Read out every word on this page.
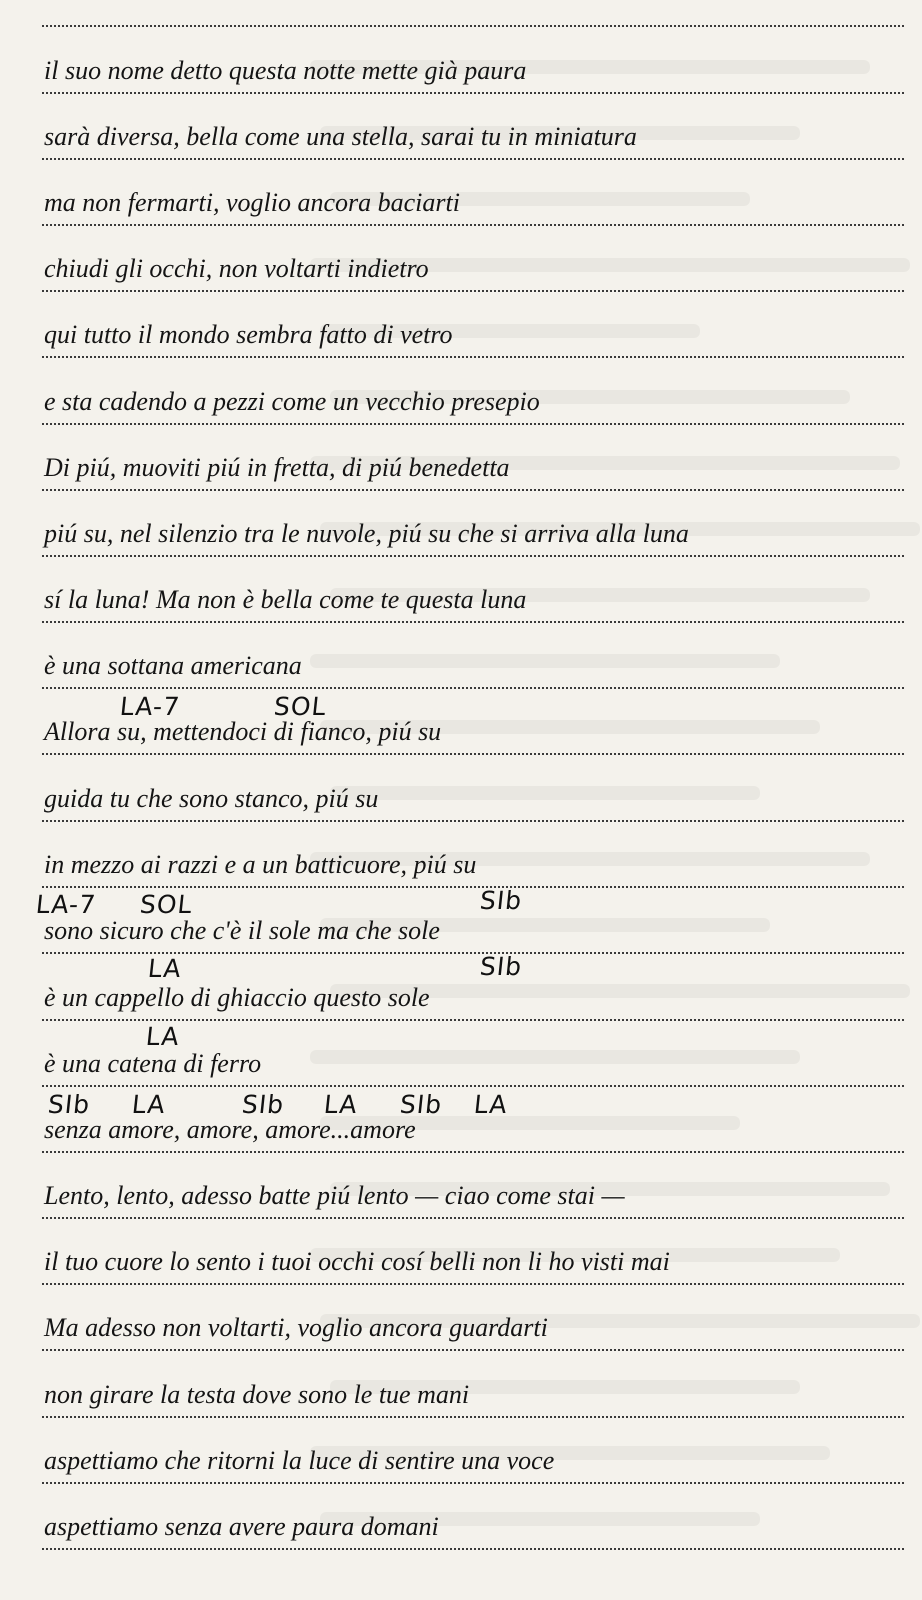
il suo nome detto questa notte mette già paura
sarà diversa, bella come una stella, sarai tu in miniatura
ma non fermarti, voglio ancora baciarti
chiudi gli occhi, non voltarti indietro
qui tutto il mondo sembra fatto di vetro
e sta cadendo a pezzi come un vecchio presepio
Di piú, muoviti piú in fretta, di piú benedetta
piú su, nel silenzio tra le nuvole, piú su che si arriva alla luna
sí la luna! Ma non è bella come te questa luna
è una sottana americana
LA-7	SOL
Allora su, mettendoci di fianco, piú su
guida tu che sono stanco, piú su
in mezzo ai razzi e a un batticuore, piú su
LA-7 SOL	SIb
sono sicuro che c'è il sole ma che sole
LA	SIb
è un cappello di ghiaccio questo sole
LA
è una catena di ferro
SIb LA	SIb LA SIb LA
senza amore, amore, amore...amore
Lento, lento, adesso batte piú lento — ciao come stai —
il tuo cuore lo sento i tuoi occhi cosí belli non li ho visti mai
Ma adesso non voltarti, voglio ancora guardarti
non girare la testa dove sono le tue mani
aspettiamo che ritorni la luce di sentire una voce
aspettiamo senza avere paura domani
